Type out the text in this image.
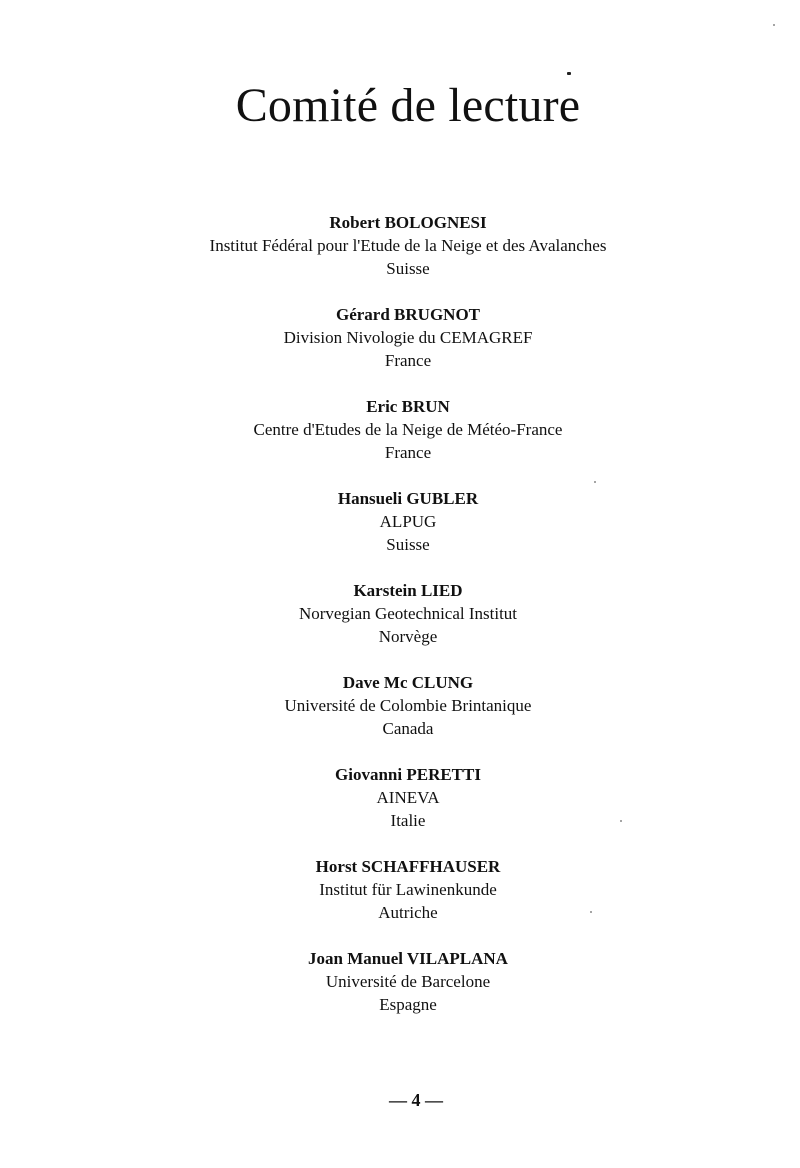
Comité de lecture
Robert BOLOGNESI
Institut Fédéral pour l'Etude de la Neige et des Avalanches
Suisse
Gérard BRUGNOT
Division Nivologie du CEMAGREF
France
Eric BRUN
Centre d'Etudes de la Neige de Météo-France
France
Hansueli GUBLER
ALPUG
Suisse
Karstein LIED
Norvegian Geotechnical Institut
Norvège
Dave Mc CLUNG
Université de Colombie Brintanique
Canada
Giovanni PERETTI
AINEVA
Italie
Horst SCHAFFHAUSER
Institut für Lawinenkunde
Autriche
Joan Manuel VILAPLANA
Université de Barcelone
Espagne
— 4 —
